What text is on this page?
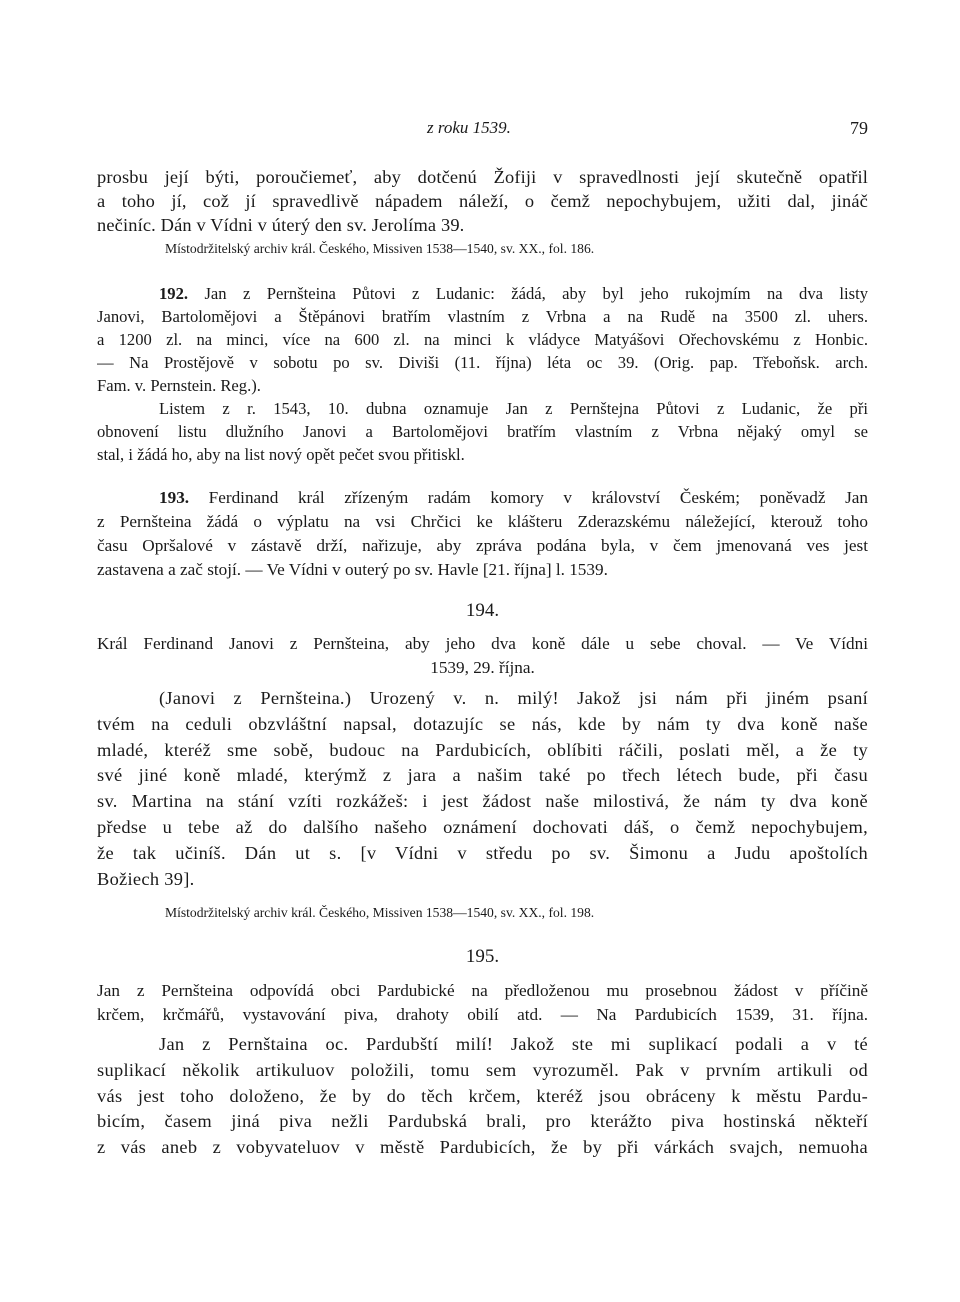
z roku 1539.	79
prosbu její býti, poroučiemeť, aby dotčenú Žofiji v spravedlnosti její skutečně opatřil
a toho jí, což jí spravedlivě nápadem náleží, o čemž nepochybujem, užiti dal, jináč
nečiníc. Dán v Vídni v úterý den sv. Jerolíma 39.
Místodržitelský archiv král. Českého, Missiven 1538—1540, sv. XX., fol. 186.
192. Jan z Pernšteina Půtovi z Ludanic: žádá, aby byl jeho rukojmím na dva listy
Janovi, Bartolomějovi a Štěpánovi bratřím vlastním z Vrbna a na Rudě na 3500 zl. uhers.
a 1200 zl. na minci, více na 600 zl. na minci k vládyce Matyášovi Ořechovskému z Honbic.
— Na Prostějově v sobotu po sv. Diviši (11. října) léta oc 39. (Orig. pap. Třeboňsk. arch.
Fam. v. Pernstein. Reg.).
Listem z r. 1543, 10. dubna oznamuje Jan z Pernštejna Půtovi z Ludanic, že při
obnovení listu dlužního Janovi a Bartolomějovi bratřím vlastním z Vrbna nějaký omyl se
stal, i žádá ho, aby na list nový opět pečet svou přitiskl.
193. Ferdinand král zřízeným radám komory v království Českém; poněvadž Jan
z Pernšteina žádá o výplatu na vsi Chrčici ke klášteru Zderazskému náležející, kterouž toho
času Opršalové v zástavě drží, nařizuje, aby zpráva podána byla, v čem jmenovaná ves jest
zastavena a zač stojí. — Ve Vídni v outerý po sv. Havle [21. října] l. 1539.
194.
Král Ferdinand Janovi z Pernšteina, aby jeho dva koně dále u sebe choval. — Ve Vídni
1539, 29. října.
(Janovi z Pernšteina.) Urozený v. n. milý! Jakož jsi nám při jiném psaní
tvém na ceduli obzvláštní napsal, dotazujíc se nás, kde by nám ty dva koně naše
mladé, kteréž sme sobě, budouc na Pardubicích, oblíbiti ráčili, poslati měl, a že ty
své jiné koně mladé, kterýmž z jara a našim také po třech létech bude, při času
sv. Martina na stání vzíti rozkážeš: i jest žádost naše milostivá, že nám ty dva koně
předse u tebe až do dalšího našeho oznámení dochovati dáš, o čemž nepochybujem,
že tak učiníš. Dán ut s. [v Vídni v středu po sv. Šimonu a Judu apoštolích
Božiech 39].
Místodržitelský archiv král. Českého, Missiven 1538—1540, sv. XX., fol. 198.
195.
Jan z Pernšteina odpovídá obci Pardubické na předloženou mu prosebnou žádost v příčině
krčem, krčmářů, vystavování piva, drahoty obilí atd. — Na Pardubicích 1539, 31. října.
Jan z Pernštaina oc. Pardubští milí! Jakož ste mi suplikací podali a v té
suplikací několik artikuluov položili, tomu sem vyrozuměl. Pak v prvním artikuli od
vás jest toho doloženo, že by do těch krčem, kteréž jsou obráceny k městu Pardu-
bicím, časem jiná piva nežli Pardubská brali, pro kterážto piva hostinská někteří
z vás aneb z vobyvateluov v městě Pardubicích, že by při várkách svajch, nemuoha
